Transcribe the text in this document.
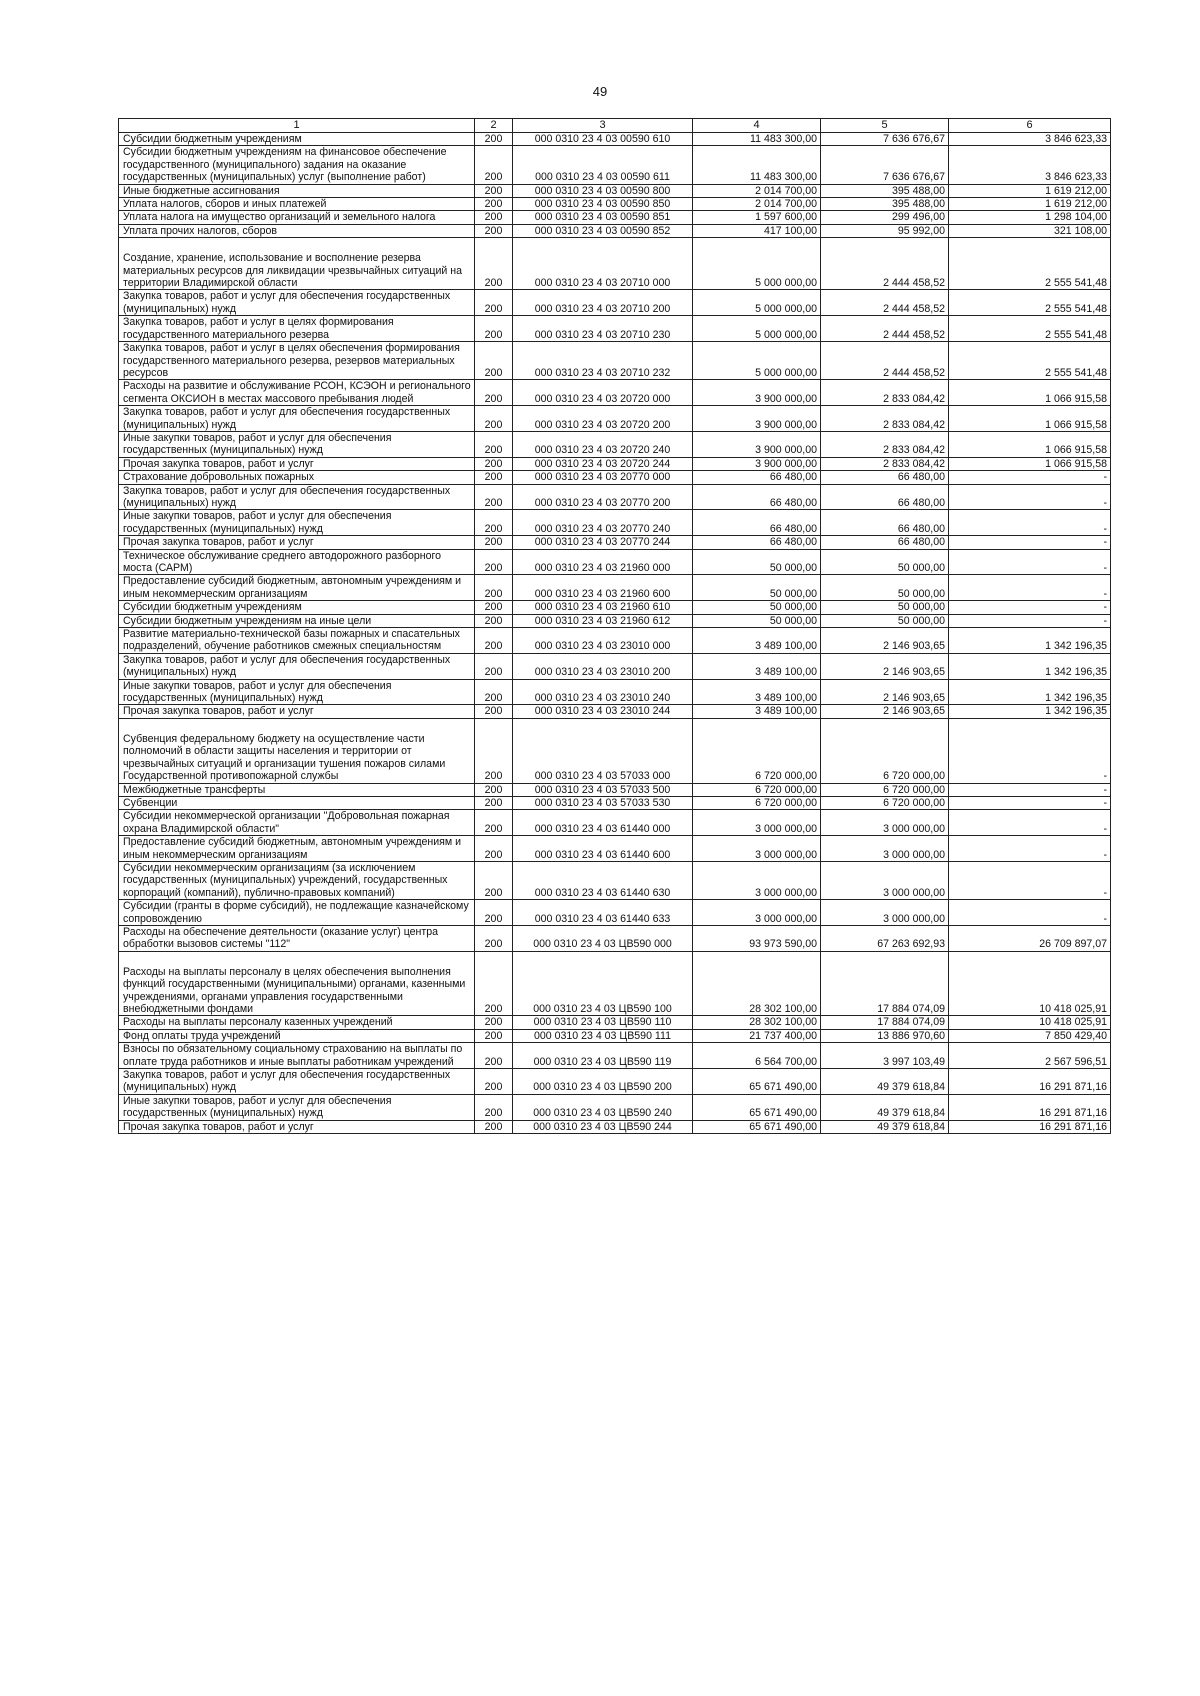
49
1	2	3	4	5	6
Субсидии бюджетным учреждениям	200	000 0310 23 4 03 00590 610	11 483 300,00	7 636 676,67	3 846 623,33
Субсидии бюджетным учреждениям на финансовое обеспечение государственного (муниципального) задания на оказание государственных (муниципальных) услуг (выполнение работ)	200	000 0310 23 4 03 00590 611	11 483 300,00	7 636 676,67	3 846 623,33
Иные бюджетные ассигнования	200	000 0310 23 4 03 00590 800	2 014 700,00	395 488,00	1 619 212,00
Уплата налогов, сборов и иных платежей	200	000 0310 23 4 03 00590 850	2 014 700,00	395 488,00	1 619 212,00
Уплата налога на имущество организаций и земельного налога	200	000 0310 23 4 03 00590 851	1 597 600,00	299 496,00	1 298 104,00
Уплата прочих налогов, сборов	200	000 0310 23 4 03 00590 852	417 100,00	95 992,00	321 108,00
Создание, хранение, использование и восполнение резерва материальных ресурсов для ликвидации чрезвычайных ситуаций на территории Владимирской области	200	000 0310 23 4 03 20710 000	5 000 000,00	2 444 458,52	2 555 541,48
Закупка товаров, работ и услуг для обеспечения государственных (муниципальных) нужд	200	000 0310 23 4 03 20710 200	5 000 000,00	2 444 458,52	2 555 541,48
Закупка товаров, работ и услуг в целях формирования государственного материального резерва	200	000 0310 23 4 03 20710 230	5 000 000,00	2 444 458,52	2 555 541,48
Закупка товаров, работ и услуг в целях обеспечения формирования государственного материального резерва, резервов материальных ресурсов	200	000 0310 23 4 03 20710 232	5 000 000,00	2 444 458,52	2 555 541,48
Расходы на развитие и обслуживание РСОН, КСЭОН и регионального сегмента ОКСИОН в местах массового пребывания людей	200	000 0310 23 4 03 20720 000	3 900 000,00	2 833 084,42	1 066 915,58
Закупка товаров, работ и услуг для обеспечения государственных (муниципальных) нужд	200	000 0310 23 4 03 20720 200	3 900 000,00	2 833 084,42	1 066 915,58
Иные закупки товаров, работ и услуг для обеспечения государственных (муниципальных) нужд	200	000 0310 23 4 03 20720 240	3 900 000,00	2 833 084,42	1 066 915,58
Прочая закупка товаров, работ и услуг	200	000 0310 23 4 03 20720 244	3 900 000,00	2 833 084,42	1 066 915,58
Страхование добровольных пожарных	200	000 0310 23 4 03 20770 000	66 480,00	66 480,00	-
Закупка товаров, работ и услуг для обеспечения государственных (муниципальных) нужд	200	000 0310 23 4 03 20770 200	66 480,00	66 480,00	-
Иные закупки товаров, работ и услуг для обеспечения государственных (муниципальных) нужд	200	000 0310 23 4 03 20770 240	66 480,00	66 480,00	-
Прочая закупка товаров, работ и услуг	200	000 0310 23 4 03 20770 244	66 480,00	66 480,00	-
Техническое обслуживание среднего автодорожного разборного моста (САРМ)	200	000 0310 23 4 03 21960 000	50 000,00	50 000,00	-
Предоставление субсидий бюджетным, автономным учреждениям и иным некоммерческим организациям	200	000 0310 23 4 03 21960 600	50 000,00	50 000,00	-
Субсидии бюджетным учреждениям	200	000 0310 23 4 03 21960 610	50 000,00	50 000,00	-
Субсидии бюджетным учреждениям на иные цели	200	000 0310 23 4 03 21960 612	50 000,00	50 000,00	-
Развитие материально-технической базы пожарных и спасательных подразделений, обучение работников смежных специальностям	200	000 0310 23 4 03 23010 000	3 489 100,00	2 146 903,65	1 342 196,35
Закупка товаров, работ и услуг для обеспечения государственных (муниципальных) нужд	200	000 0310 23 4 03 23010 200	3 489 100,00	2 146 903,65	1 342 196,35
Иные закупки товаров, работ и услуг для обеспечения государственных (муниципальных) нужд	200	000 0310 23 4 03 23010 240	3 489 100,00	2 146 903,65	1 342 196,35
Прочая закупка товаров, работ и услуг	200	000 0310 23 4 03 23010 244	3 489 100,00	2 146 903,65	1 342 196,35
Субвенция федеральному бюджету на осуществление части полномочий в области защиты населения и территории от чрезвычайных ситуаций и организации тушения пожаров силами Государственной противопожарной службы	200	000 0310 23 4 03 57033 000	6 720 000,00	6 720 000,00	-
Межбюджетные трансферты	200	000 0310 23 4 03 57033 500	6 720 000,00	6 720 000,00	-
Субвенции	200	000 0310 23 4 03 57033 530	6 720 000,00	6 720 000,00	-
Субсидии некоммерческой организации "Добровольная пожарная охрана Владимирской области"	200	000 0310 23 4 03 61440 000	3 000 000,00	3 000 000,00	-
Предоставление субсидий бюджетным, автономным учреждениям и иным некоммерческим организациям	200	000 0310 23 4 03 61440 600	3 000 000,00	3 000 000,00	-
Субсидии некоммерческим организациям (за исключением государственных (муниципальных) учреждений, государственных корпораций (компаний), публично-правовых компаний)	200	000 0310 23 4 03 61440 630	3 000 000,00	3 000 000,00	-
Субсидии (гранты в форме субсидий), не подлежащие казначейскому сопровождению	200	000 0310 23 4 03 61440 633	3 000 000,00	3 000 000,00	-
Расходы на обеспечение деятельности (оказание услуг) центра обработки вызовов системы "112"	200	000 0310 23 4 03 ЦВ590 000	93 973 590,00	67 263 692,93	26 709 897,07
Расходы на выплаты персоналу в целях обеспечения выполнения функций государственными (муниципальными) органами, казенными учреждениями, органами управления государственными внебюджетными фондами	200	000 0310 23 4 03 ЦВ590 100	28 302 100,00	17 884 074,09	10 418 025,91
Расходы на выплаты персоналу казенных учреждений	200	000 0310 23 4 03 ЦВ590 110	28 302 100,00	17 884 074,09	10 418 025,91
Фонд оплаты труда учреждений	200	000 0310 23 4 03 ЦВ590 111	21 737 400,00	13 886 970,60	7 850 429,40
Взносы по обязательному социальному страхованию на выплаты по оплате труда работников и иные выплаты работникам учреждений	200	000 0310 23 4 03 ЦВ590 119	6 564 700,00	3 997 103,49	2 567 596,51
Закупка товаров, работ и услуг для обеспечения государственных (муниципальных) нужд	200	000 0310 23 4 03 ЦВ590 200	65 671 490,00	49 379 618,84	16 291 871,16
Иные закупки товаров, работ и услуг для обеспечения государственных (муниципальных) нужд	200	000 0310 23 4 03 ЦВ590 240	65 671 490,00	49 379 618,84	16 291 871,16
Прочая закупка товаров, работ и услуг	200	000 0310 23 4 03 ЦВ590 244	65 671 490,00	49 379 618,84	16 291 871,16
